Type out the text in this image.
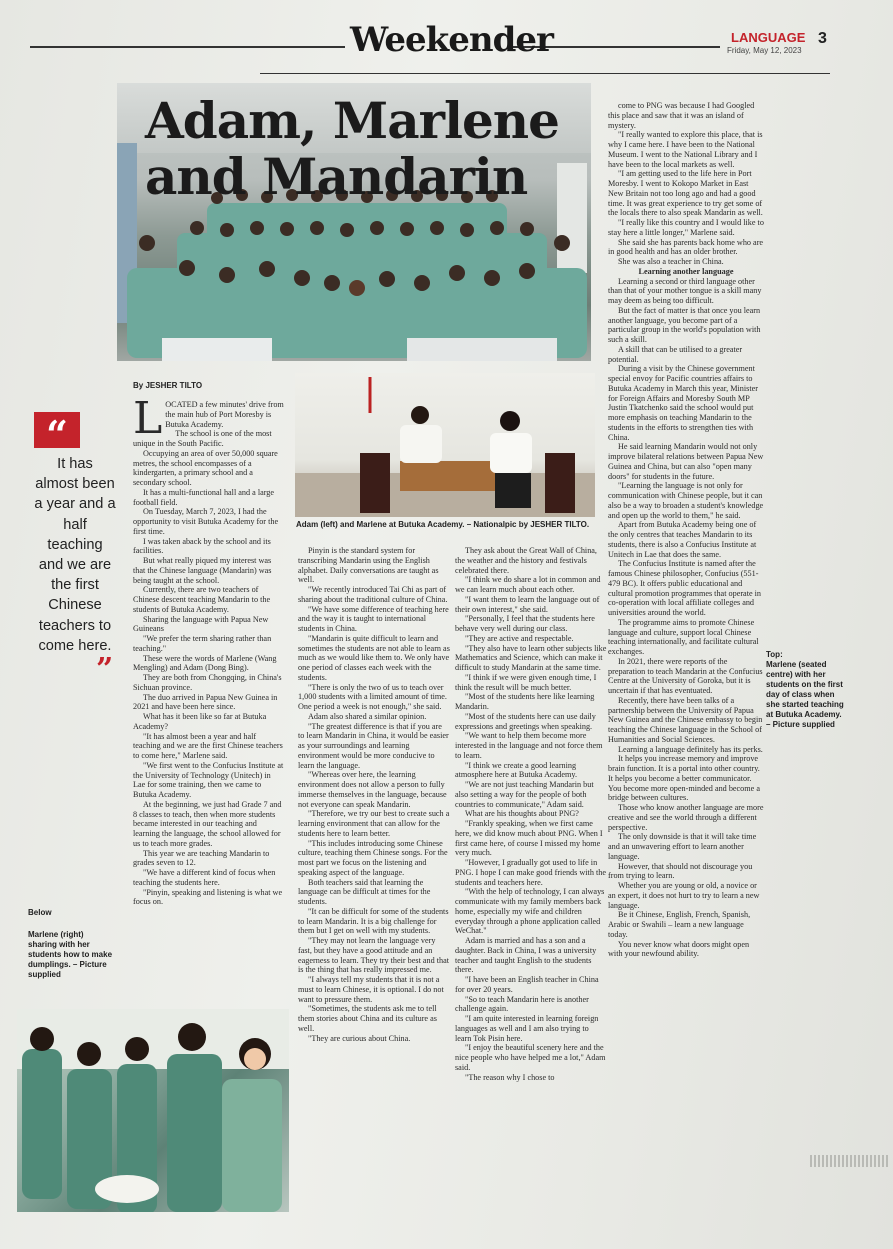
Weekender	LANGUAGE
Friday, May 12, 2023
3
Adam, Marlene
and Mandarin
Top:
Marlene (seated centre) with her students on the first day of class when she started teaching at Butuka Academy. – Picture supplied
Adam (left) and Marlene at Butuka Academy. – Nationalpic by JESHER TILTO.
By JESHER TILTO
“
It has almost been a year and a half teaching and we are the first Chinese teachers to come here.
”
Below
Marlene (right) sharing with her students how to make dumplings. – Picture supplied
L OCATED a few minutes' drive from the main hub of Port Moresby is Butuka Academy.

The school is one of the most unique in the South Pacific.

Occupying an area of over 50,000 square metres, the school encompasses of a kindergarten, a primary school and a secondary school.

It has a multi-functional hall and a large football field.

On Tuesday, March 7, 2023, I had the opportunity to visit Butuka Academy for the first time.

I was taken aback by the school and its facilities.

But what really piqued my interest was that the Chinese language (Mandarin) was being taught at the school.

Currently, there are two teachers of Chinese descent teaching Mandarin to the students of Butuka Academy.

Sharing the language with Papua New Guineans

"We prefer the term sharing rather than teaching."

These were the words of Marlene (Wang Mengling) and Adam (Dong Bing).

They are both from Chongqing, in China's Sichuan province.

The duo arrived in Papua New Guinea in 2021 and have been here since.

What has it been like so far at Butuka Academy?

"It has almost been a year and half teaching and we are the first Chinese teachers to come here," Marlene said.

"We first went to the Confucius Institute at the University of Technology (Unitech) in Lae for some training, then we came to Butuka Academy.

At the beginning, we just had Grade 7 and 8 classes to teach, then when more students became interested in our teaching and learning the language, the school allowed for us to teach more grades.

This year we are teaching Mandarin to grades seven to 12.

"We have a different kind of focus when teaching the students here.

"Pinyin, speaking and listening is what we focus on.

Pinyin is the standard system for transcribing Mandarin using the English alphabet. Daily conversations are taught as well.

"We recently introduced Tai Chi as part of sharing about the traditional culture of China.

"We have some difference of teaching here and the way it is taught to international students in China.

"Mandarin is quite difficult to learn and sometimes the students are not able to learn as much as we would like them to. We only have one period of classes each week with the students.

"There is only the two of us to teach over 1,000 students with a limited amount of time. One period a week is not enough," she said.

Adam also shared a similar opinion.

"The greatest difference is that if you are to learn Mandarin in China, it would be easier as your surroundings and learning environment would be more conducive to learn the language.

"Whereas over here, the learning environment does not allow a person to fully immerse themselves in the language, because not everyone can speak Mandarin.

"Therefore, we try our best to create such a learning environment that can allow for the students here to learn better.

"This includes introducing some Chinese culture, teaching them Chinese songs. For the most part we focus on the listening and speaking aspect of the language.

Both teachers said that learning the language can be difficult at times for the students.

"It can be difficult for some of the students to learn Mandarin. It is a big challenge for them but I get on well with my students.

"They may not learn the language very fast, but they have a good attitude and an eagerness to learn. They try their best and that is the thing that has really impressed me.

"I always tell my students that it is not a must to learn Chinese, it is optional. I do not want to pressure them.

"Sometimes, the students ask me to tell them stories about China and its culture as well.

"They are curious about China.

They ask about the Great Wall of China, the weather and the history and festivals celebrated there.

"I think we do share a lot in common and we can learn much about each other.

"I want them to learn the language out of their own interest," she said.

"Personally, I feel that the students here behave very well during our class.

"They are active and respectable.

"They also have to learn other subjects like Mathematics and Science, which can make it difficult to study Mandarin at the same time.

"I think if we were given enough time, I think the result will be much better.

"Most of the students here like learning Mandarin.

"Most of the students here can use daily expressions and greetings when speaking.

"We want to help them become more interested in the language and not force them to learn.

"I think we create a good learning atmosphere here at Butuka Academy.

"We are not just teaching Mandarin but also setting a way for the people of both countries to communicate," Adam said.

What are his thoughts about PNG?

"Frankly speaking, when we first came here, we did know much about PNG. When I first came here, of course I missed my home very much.

"However, I gradually got used to life in PNG. I hope I can make good friends with the students and teachers here.

"With the help of technology, I can always communicate with my family members back home, especially my wife and children everyday through a phone application called WeChat."

Adam is married and has a son and a daughter. Back in China, I was a university teacher and taught English to the students there.

"I have been an English teacher in China for over 20 years.

"So to teach Mandarin here is another challenge again.

"I am quite interested in learning foreign languages as well and I am also trying to learn Tok Pisin here.

"I enjoy the beautiful scenery here and the nice people who have helped me a lot," Adam said.

"The reason why I chose to

come to PNG was because I had Googled this place and saw that it was an island of mystery.

"I really wanted to explore this place, that is why I came here. I have been to the National Museum. I went to the National Library and I have been to the local markets as well.

"I am getting used to the life here in Port Moresby. I went to Kokopo Market in East New Britain not too long ago and had a good time. It was great experience to try get some of the locals there to also speak Mandarin as well.

"I really like this country and I would like to stay here a little longer," Marlene said.

She said she has parents back home who are in good health and has an older brother.

She was also a teacher in China.

Learning another language

Learning a second or third language other than that of your mother tongue is a skill many may deem as being too difficult.

But the fact of matter is that once you learn another language, you become part of a particular group in the world's population with such a skill.

A skill that can be utilised to a greater potential.

During a visit by the Chinese government special envoy for Pacific countries affairs to Butuka Academy in March this year, Minister for Foreign Affairs and Moresby South MP Justin Tkatchenko said the school would put more emphasis on teaching Mandarin to the students in the efforts to strengthen ties with China.

He said learning Mandarin would not only improve bilateral relations between Papua New Guinea and China, but can also "open many doors" for students in the future.

"Learning the language is not only for communication with Chinese people, but it can also be a way to broaden a student's knowledge and open up the world to them," he said.

Apart from Butuka Academy being one of the only centres that teaches Mandarin to its students, there is also a Confucius Institute at Unitech in Lae that does the same.

The Confucius Institute is named after the famous Chinese philosopher, Confucius (551-479 BC). It offers public educational and cultural promotion programmes that operate in co-operation with local affiliate colleges and universities around the world.

The programme aims to promote Chinese language and culture, support local Chinese teaching internationally, and facilitate cultural exchanges.

In 2021, there were reports of the preparation to teach Mandarin at the Confucius Centre at the University of Goroka, but it is uncertain if that has eventuated.

Recently, there have been talks of a partnership between the University of Papua New Guinea and the Chinese embassy to begin teaching the Chinese language in the School of Humanities and Social Sciences.

Learning a language definitely has its perks.

It helps you increase memory and improve brain function. It is a portal into other country. It helps you become a better communicator. You become more open-minded and become a bridge between cultures.

Those who know another language are more creative and see the world through a different perspective.

The only downside is that it will take time and an unwavering effort to learn another language.

However, that should not discourage you from trying to learn.

Whether you are young or old, a novice or an expert, it does not hurt to try to learn a new language.

Be it Chinese, English, French, Spanish, Arabic or Swahili – learn a new language today.

You never know what doors might open with your newfound ability.
